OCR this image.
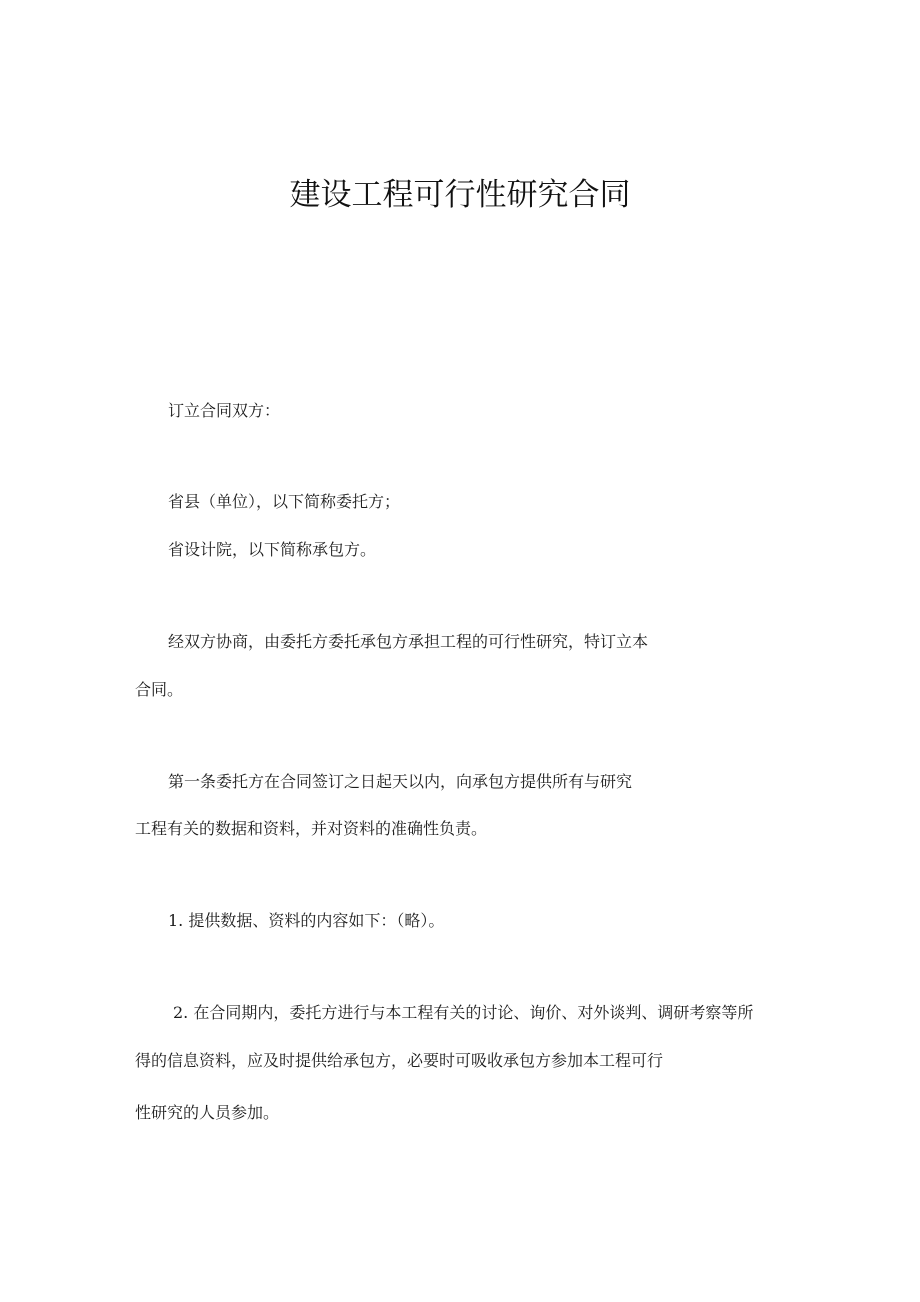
建设工程可行性研究合同
订立合同双方：
省县（单位），以下简称委托方；
省设计院，以下简称承包方。
经双方协商，由委托方委托承包方承担工程的可行性研究，特订立本
合同。
第一条委托方在合同签订之日起天以内，向承包方提供所有与研究
工程有关的数据和资料，并对资料的准确性负责。
1. 提供数据、资料的内容如下：（略）。
2. 在合同期内，委托方进行与本工程有关的讨论、询价、对外谈判、调研考察等所
得的信息资料，应及时提供给承包方，必要时可吸收承包方参加本工程可行
性研究的人员参加。
